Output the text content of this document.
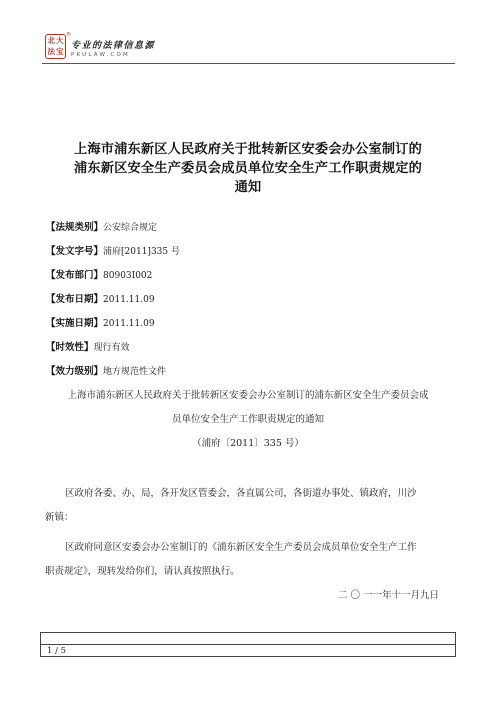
北 大
法 宝
®
专业的法律信息源
PKULAW.COM
上海市浦东新区人民政府关于批转新区安委会办公室制订的
浦东新区安全生产委员会成员单位安全生产工作职责规定的
通知
【法规类别】公安综合规定
【发文字号】浦府[2011]335 号
【发布部门】80903I002
【发布日期】2011.11.09
【实施日期】2011.11.09
【时效性】现行有效
【效力级别】地方规范性文件
上海市浦东新区人民政府关于批转新区安委会办公室制订的浦东新区安全生产委员会成
员单位安全生产工作职责规定的通知
（浦府〔2011〕335 号）
区政府各委、办、局，各开发区管委会，各直属公司，各街道办事处、镇政府，川沙
新镇：
区政府同意区安委会办公室制订的《浦东新区安全生产委员会成员单位安全生产工作
职责规定》，现转发给你们，请认真按照执行。
二 〇 一一年十一月九日
1 / 5
